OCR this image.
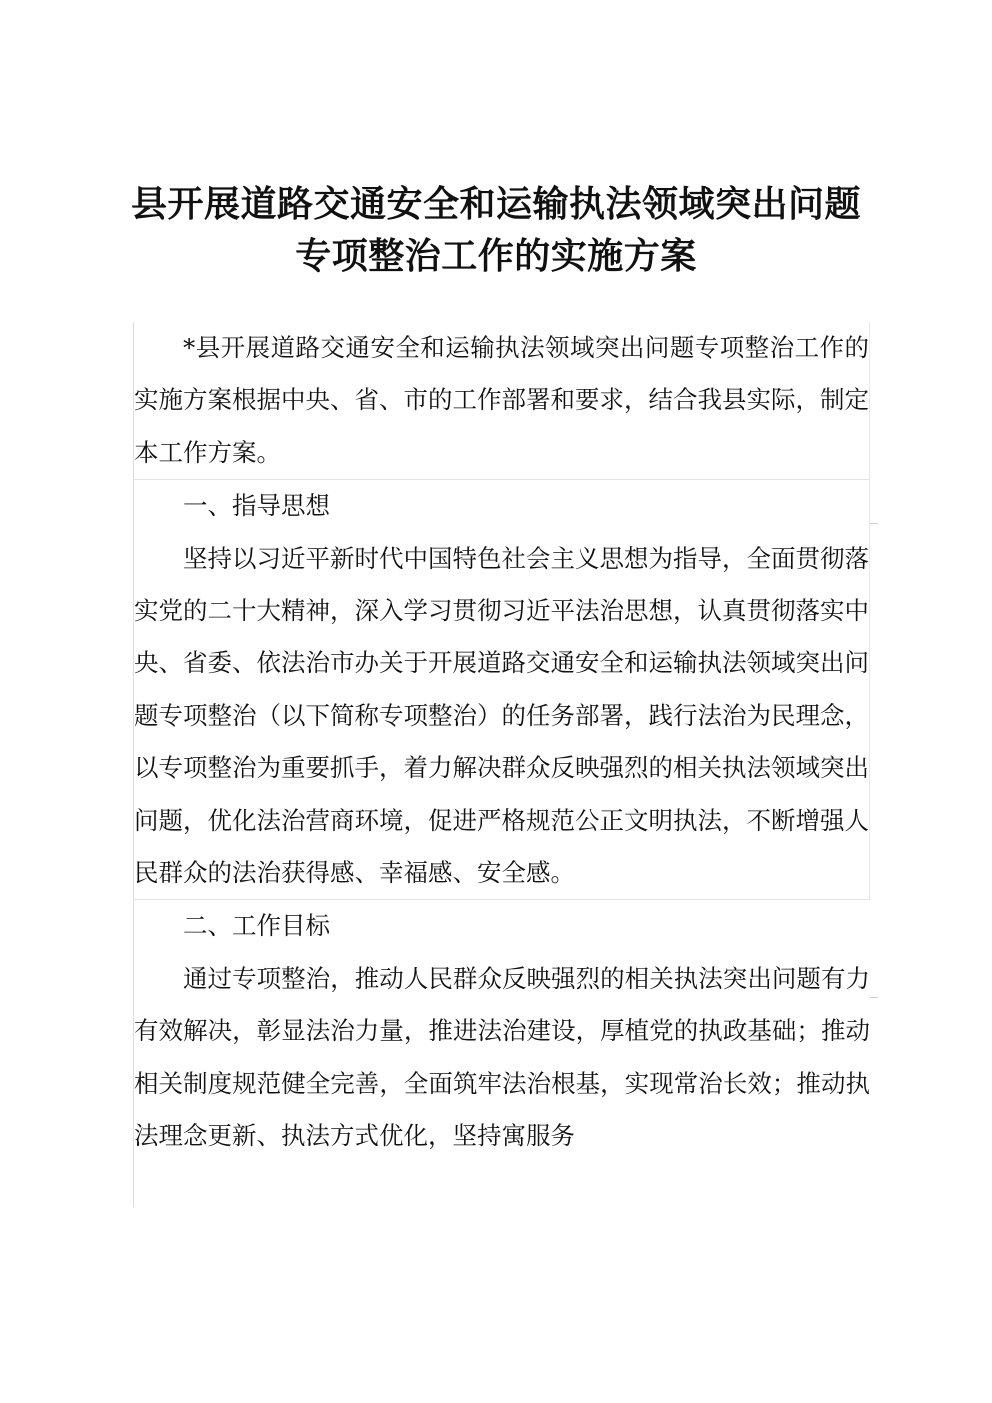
县开展道路交通安全和运输执法领域突出问题
专项整治工作的实施方案

*县开展道路交通安全和运输执法领域突出问题专项整治工作的实施方案根据中央、省、市的工作部署和要求，结合我县实际，制定本工作方案。

一、指导思想

坚持以习近平新时代中国特色社会主义思想为指导，全面贯彻落实党的二十大精神，深入学习贯彻习近平法治思想，认真贯彻落实中央、省委、依法治市办关于开展道路交通安全和运输执法领域突出问题专项整治（以下简称专项整治）的任务部署，践行法治为民理念，以专项整治为重要抓手，着力解决群众反映强烈的相关执法领域突出问题，优化法治营商环境，促进严格规范公正文明执法，不断增强人民群众的法治获得感、幸福感、安全感。

二、工作目标

通过专项整治，推动人民群众反映强烈的相关执法突出问题有力有效解决，彰显法治力量，推进法治建设，厚植党的执政基础；推动相关制度规范健全完善，全面筑牢法治根基，实现常治长效；推动执法理念更新、执法方式优化，坚持寓服务
